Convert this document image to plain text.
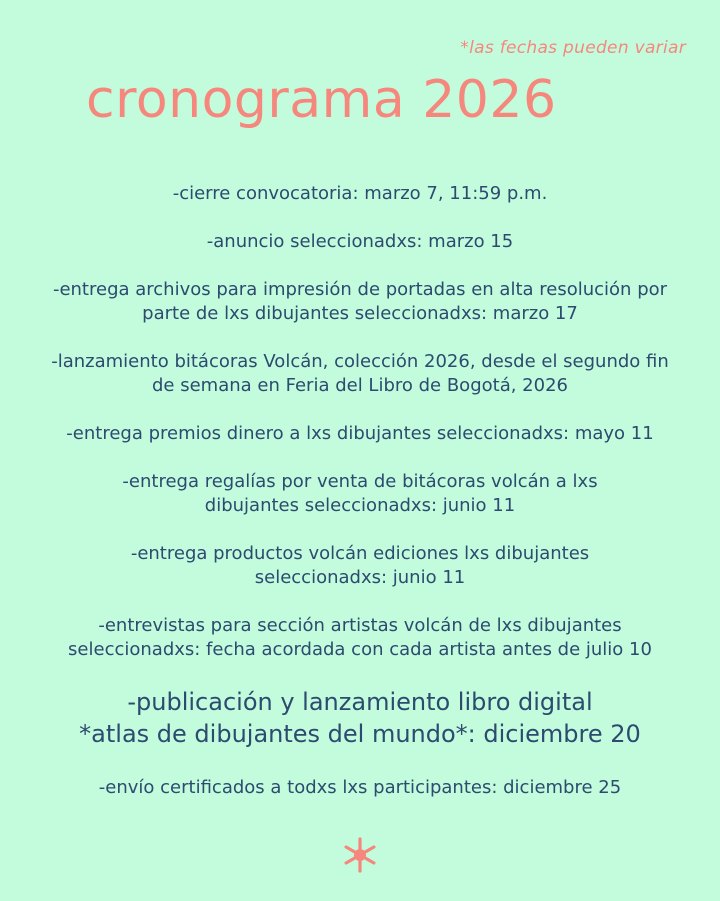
*las fechas pueden variar
cronograma 2026
-cierre convocatoria: marzo 7, 11:59 p.m.
-anuncio seleccionadxs: marzo 15
-entrega archivos para impresión de portadas en alta resolución por
parte de lxs dibujantes seleccionadxs: marzo 17
-lanzamiento bitácoras Volcán, colección 2026, desde el segundo fin
de semana en Feria del Libro de Bogotá, 2026
-entrega premios dinero a lxs dibujantes seleccionadxs: mayo 11
-entrega regalías por venta de bitácoras volcán a lxs
dibujantes seleccionadxs: junio 11
-entrega productos volcán ediciones lxs dibujantes
seleccionadxs: junio 11
-entrevistas para sección artistas volcán de lxs dibujantes
seleccionadxs: fecha acordada con cada artista antes de julio 10
-publicación y lanzamiento libro digital
*atlas de dibujantes del mundo*: diciembre 20
-envío certificados a todxs lxs participantes: diciembre 25
